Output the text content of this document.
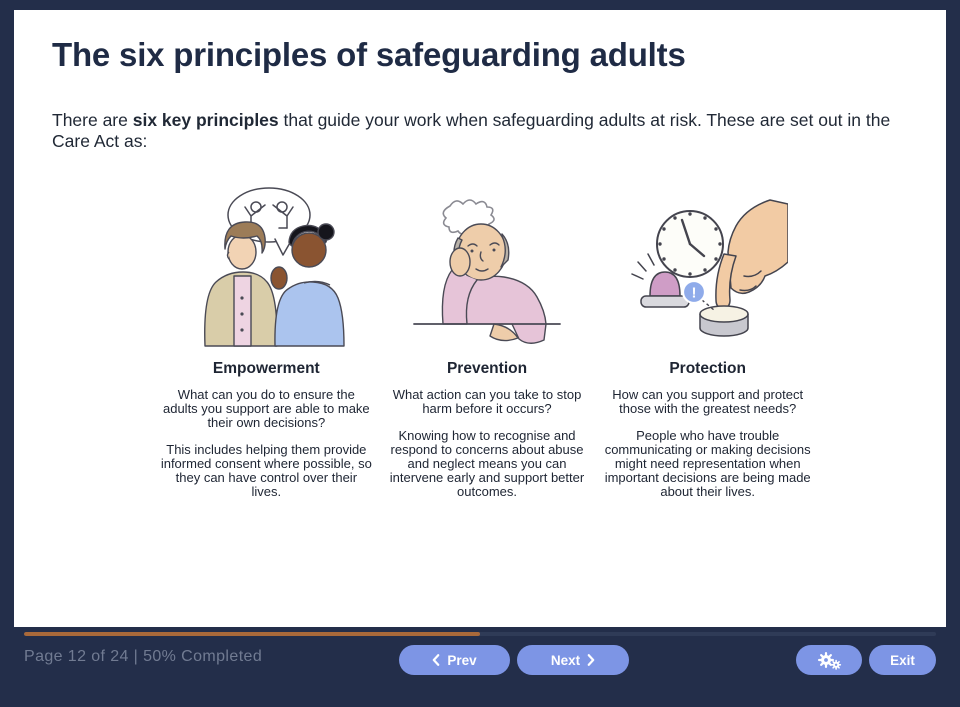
The six principles of safeguarding adults
There are six key principles that guide your work when safeguarding adults at risk. These are set out in the Care Act as:
Empowerment

What can you do to ensure the adults you support are able to make their own decisions?

This includes helping them provide informed consent where possible, so they can have control over their lives.

Prevention

What action can you take to stop harm before it occurs?

Knowing how to recognise and respond to concerns about abuse and neglect means you can intervene early and support better outcomes.

!
Protection

How can you support and protect those with the greatest needs?

People who have trouble communicating or making decisions might need representation when important decisions are being made about their lives.

Page 12 of 24 | 50% Completed	Prev	Next	Exit
